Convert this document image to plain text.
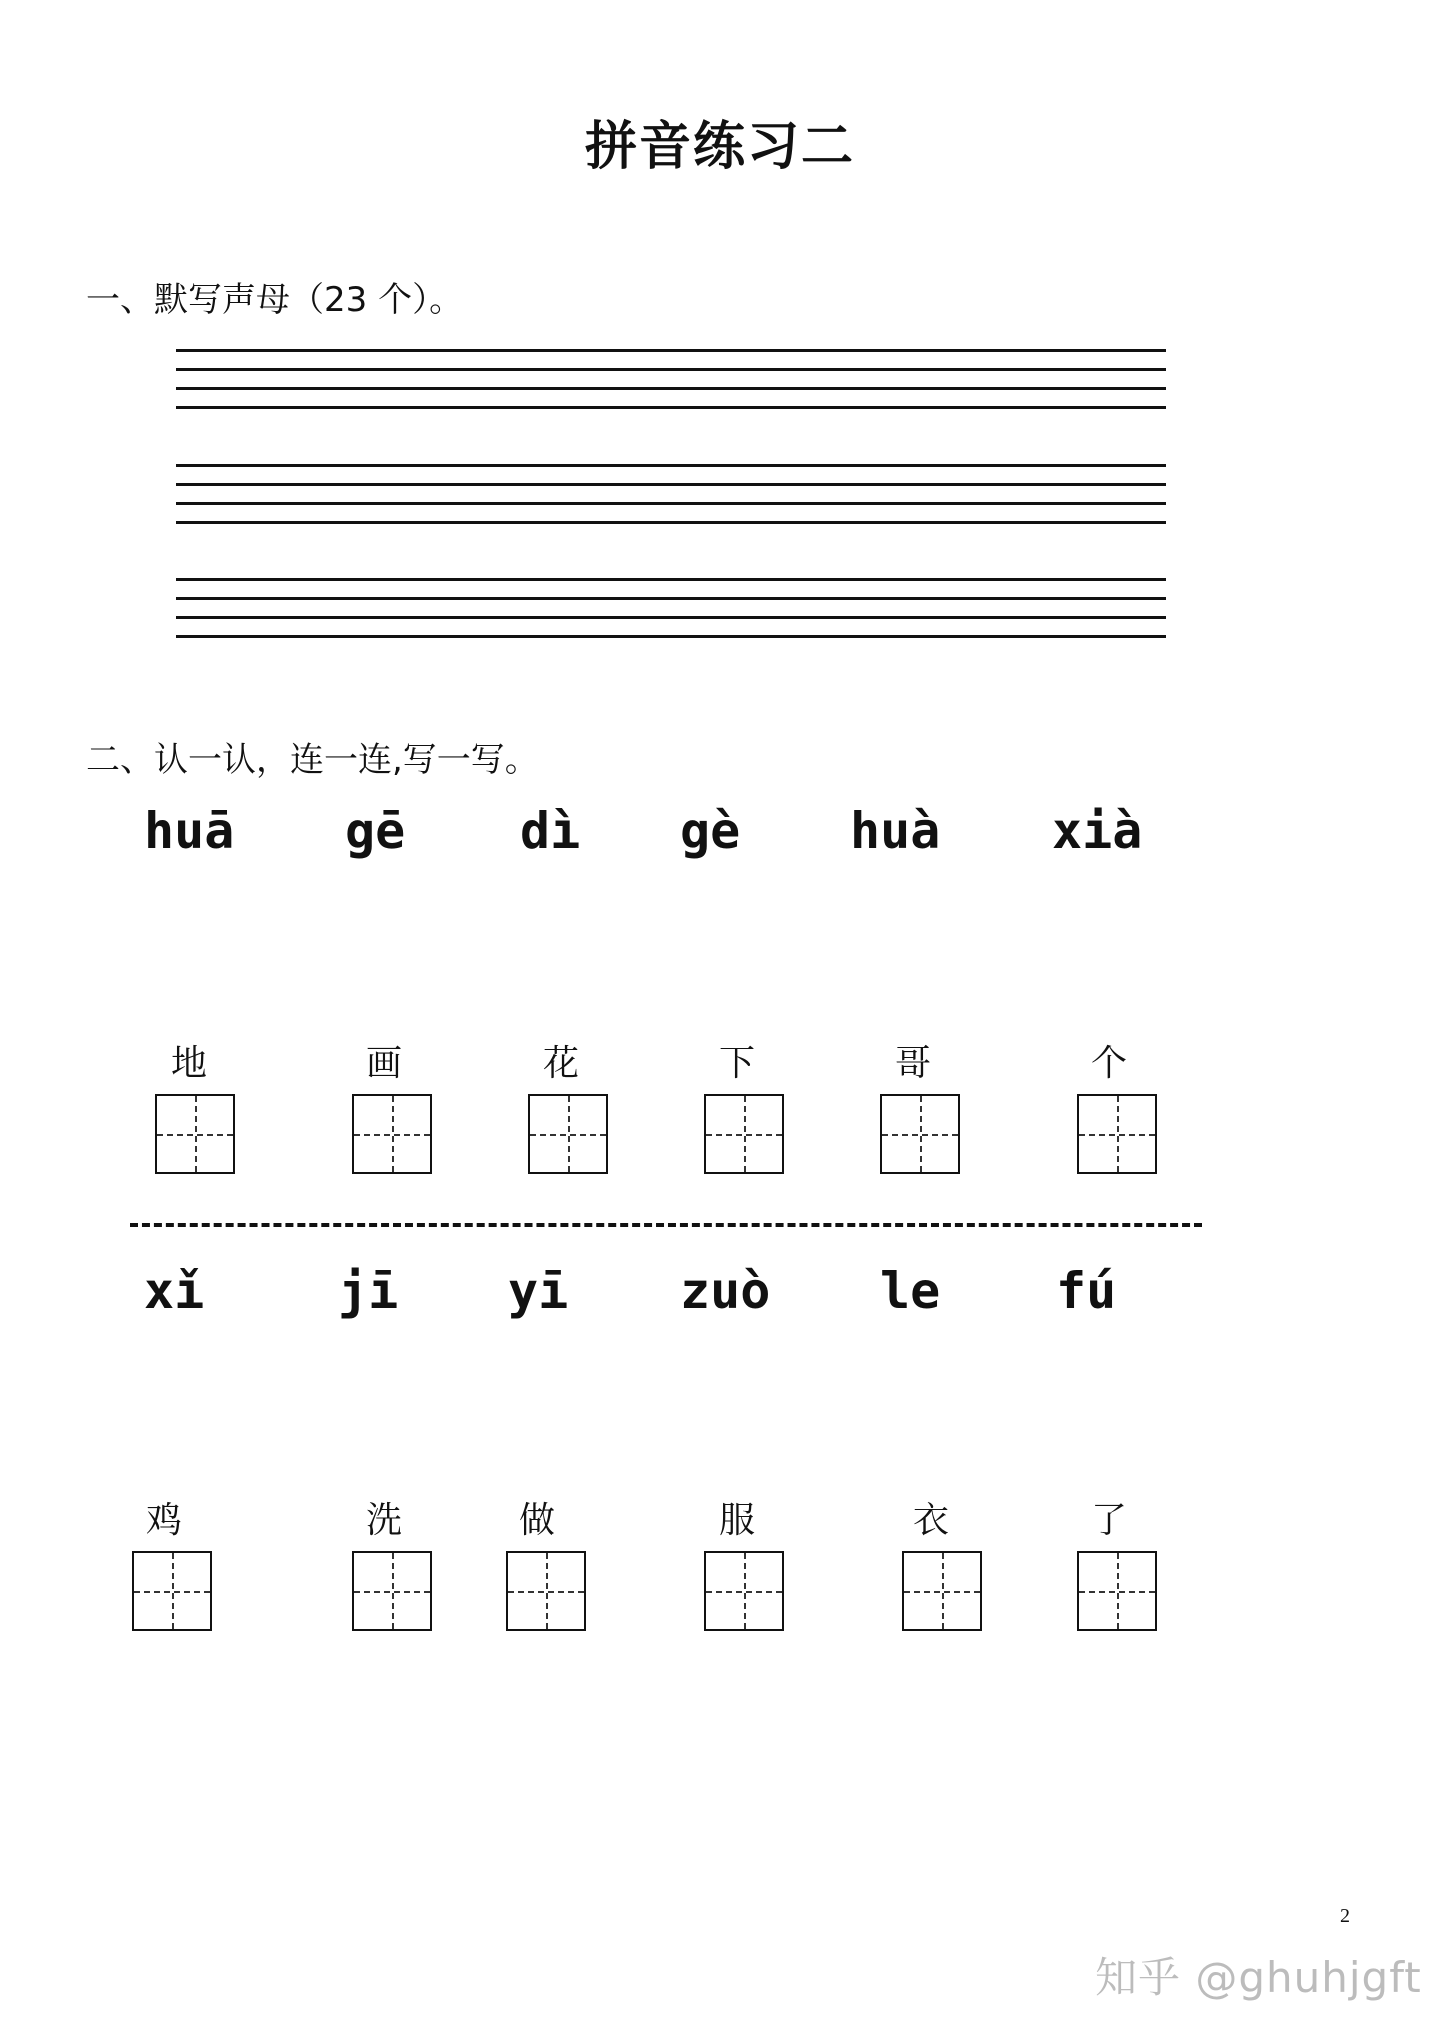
拼音练习二
一、默写声母（23 个）。
二、认一认，连一连,写一写。
huā gē dì gè huà xià
地	画	花	下	哥	个
xǐ	jī yī zuò le fú
鸡	洗	做	服	衣	了
2
知乎 @ghuhjgft
